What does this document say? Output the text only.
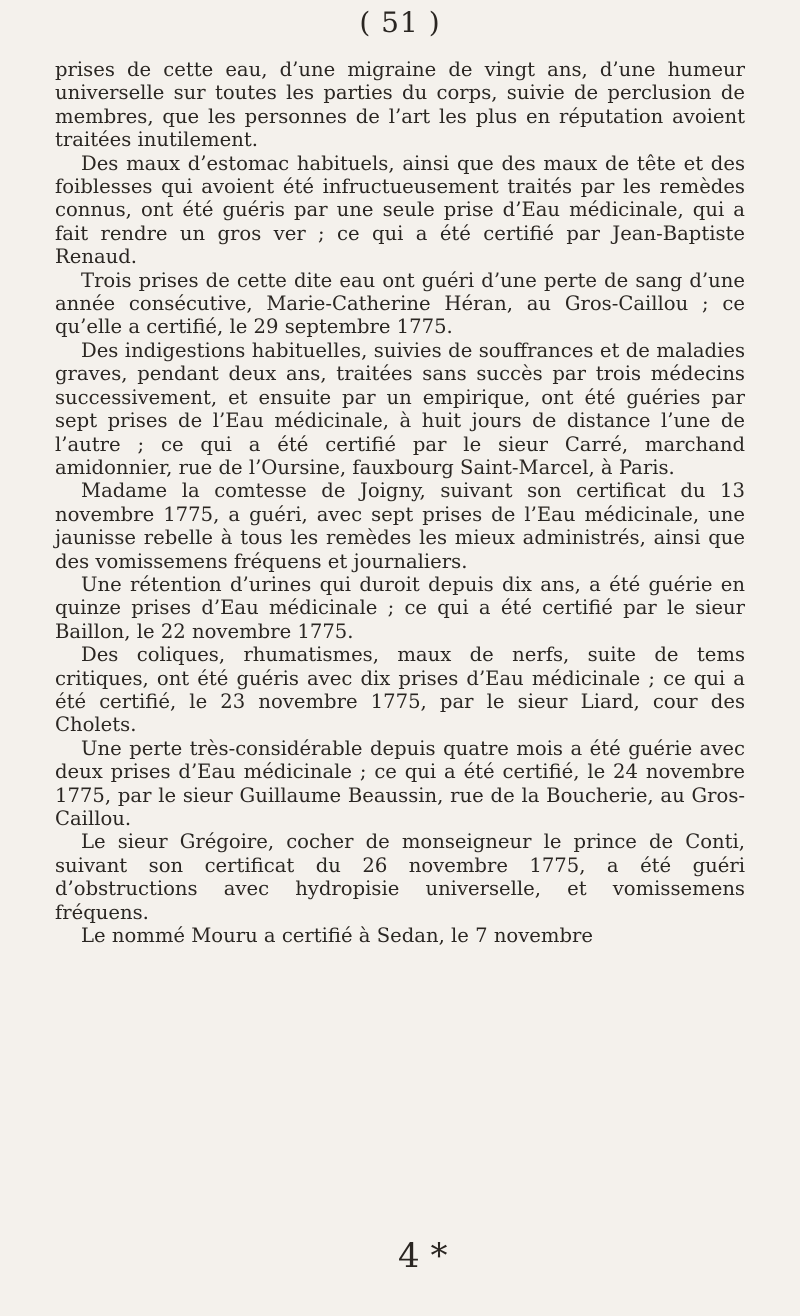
( 51 )

prises de cette eau, d’une migraine de vingt ans, d’une humeur universelle sur toutes les parties du corps, suivie de perclusion de membres, que les personnes de l’art les plus en réputation avoient traitées inutilement.

Des maux d’estomac habituels, ainsi que des maux de tête et des foiblesses qui avoient été infructueusement traités par les remèdes connus, ont été guéris par une seule prise d’Eau médicinale, qui a fait rendre un gros ver ; ce qui a été certifié par Jean-Baptiste Renaud.

Trois prises de cette dite eau ont guéri d’une perte de sang d’une année consécutive, Marie-Catherine Héran, au Gros-Caillou ; ce qu’elle a certifié, le 29 septembre 1775.

Des indigestions habituelles, suivies de souffrances et de maladies graves, pendant deux ans, traitées sans succès par trois médecins successivement, et ensuite par un empirique, ont été guéries par sept prises de l’Eau médicinale, à huit jours de distance l’une de l’autre ; ce qui a été certifié par le sieur Carré, marchand amidonnier, rue de l’Oursine, fauxbourg Saint-Marcel, à Paris.

Madame la comtesse de Joigny, suivant son certificat du 13 novembre 1775, a guéri, avec sept prises de l’Eau médicinale, une jaunisse rebelle à tous les remèdes les mieux administrés, ainsi que des vomissemens fréquens et journaliers.

Une rétention d’urines qui duroit depuis dix ans, a été guérie en quinze prises d’Eau médicinale ; ce qui a été certifié par le sieur Baillon, le 22 novembre 1775.

Des coliques, rhumatismes, maux de nerfs, suite de tems critiques, ont été guéris avec dix prises d’Eau médicinale ; ce qui a été certifié, le 23 novembre 1775, par le sieur Liard, cour des Cholets.

Une perte très-considérable depuis quatre mois a été guérie avec deux prises d’Eau médicinale ; ce qui a été certifié, le 24 novembre 1775, par le sieur Guillaume Beaussin, rue de la Boucherie, au Gros-Caillou.

Le sieur Grégoire, cocher de monseigneur le prince de Conti, suivant son certificat du 26 novembre 1775, a été guéri d’obstructions avec hydropisie universelle, et vomissemens fréquens.

Le nommé Mouru a certifié à Sedan, le 7 novembre

4 *
